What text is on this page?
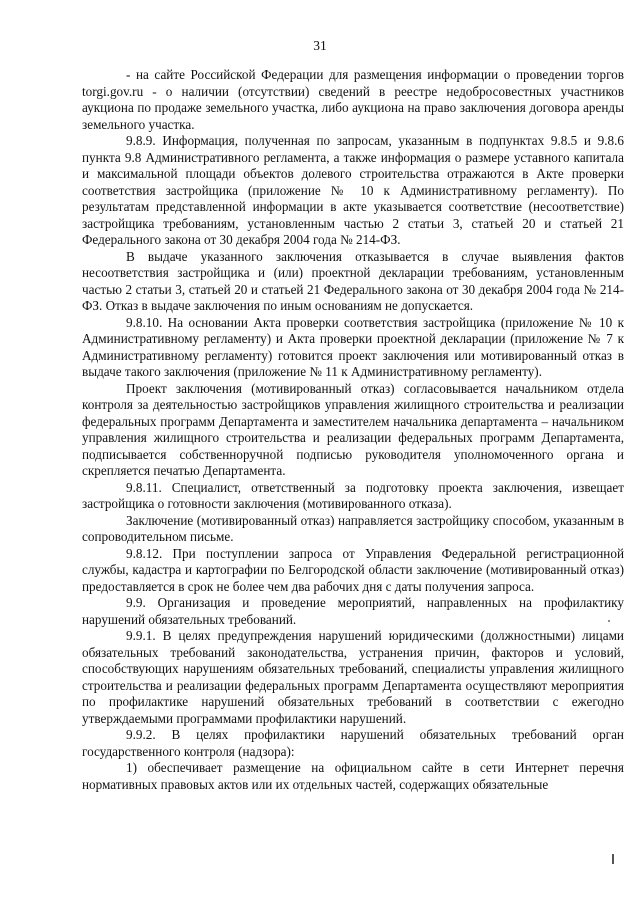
31

- на сайте Российской Федерации для размещения информации о проведении торгов torgi.gov.ru - о наличии (отсутствии) сведений в реестре недобросовестных участников аукциона по продаже земельного участка, либо аукциона на право заключения договора аренды земельного участка.

9.8.9. Информация, полученная по запросам, указанным в подпунктах 9.8.5 и 9.8.6 пункта 9.8 Административного регламента, а также информация о размере уставного капитала и максимальной площади объектов долевого строительства отражаются в Акте проверки соответствия застройщика (приложение № 10 к Административному регламенту). По результатам представленной информации в акте указывается соответствие (несоответствие) застройщика требованиям, установленным частью 2 статьи 3, статьей 20 и статьей 21 Федерального закона от 30 декабря 2004 года № 214-ФЗ.

В выдаче указанного заключения отказывается в случае выявления фактов несоответствия застройщика и (или) проектной декларации требованиям, установленным частью 2 статьи 3, статьей 20 и статьей 21 Федерального закона от 30 декабря 2004 года № 214-ФЗ. Отказ в выдаче заключения по иным основаниям не допускается.

9.8.10. На основании Акта проверки соответствия застройщика (приложение № 10 к Административному регламенту) и Акта проверки проектной декларации (приложение № 7 к Административному регламенту) готовится проект заключения или мотивированный отказ в выдаче такого заключения (приложение № 11 к Административному регламенту).

Проект заключения (мотивированный отказ) согласовывается начальником отдела контроля за деятельностью застройщиков управления жилищного строительства и реализации федеральных программ Департамента и заместителем начальника департамента – начальником управления жилищного строительства и реализации федеральных программ Департамента, подписывается собственноручной подписью руководителя уполномоченного органа и скрепляется печатью Департамента.

9.8.11. Специалист, ответственный за подготовку проекта заключения, извещает застройщика о готовности заключения (мотивированного отказа).

Заключение (мотивированный отказ) направляется застройщику способом, указанным в сопроводительном письме.

9.8.12. При поступлении запроса от Управления Федеральной регистрационной службы, кадастра и картографии по Белгородской области заключение (мотивированный отказ) предоставляется в срок не более чем два рабочих дня с даты получения запроса.

9.9. Организация и проведение мероприятий, направленных на профилактику нарушений обязательных требований.

9.9.1. В целях предупреждения нарушений юридическими (должностными) лицами обязательных требований законодательства, устранения причин, факторов и условий, способствующих нарушениям обязательных требований, специалисты управления жилищного строительства и реализации федеральных программ Департамента осуществляют мероприятия по профилактике нарушений обязательных требований в соответствии с ежегодно утверждаемыми программами профилактики нарушений.

9.9.2. В целях профилактики нарушений обязательных требований орган государственного контроля (надзора):

1) обеспечивает размещение на официальном сайте в сети Интернет перечня нормативных правовых актов или их отдельных частей, содержащих обязательные
